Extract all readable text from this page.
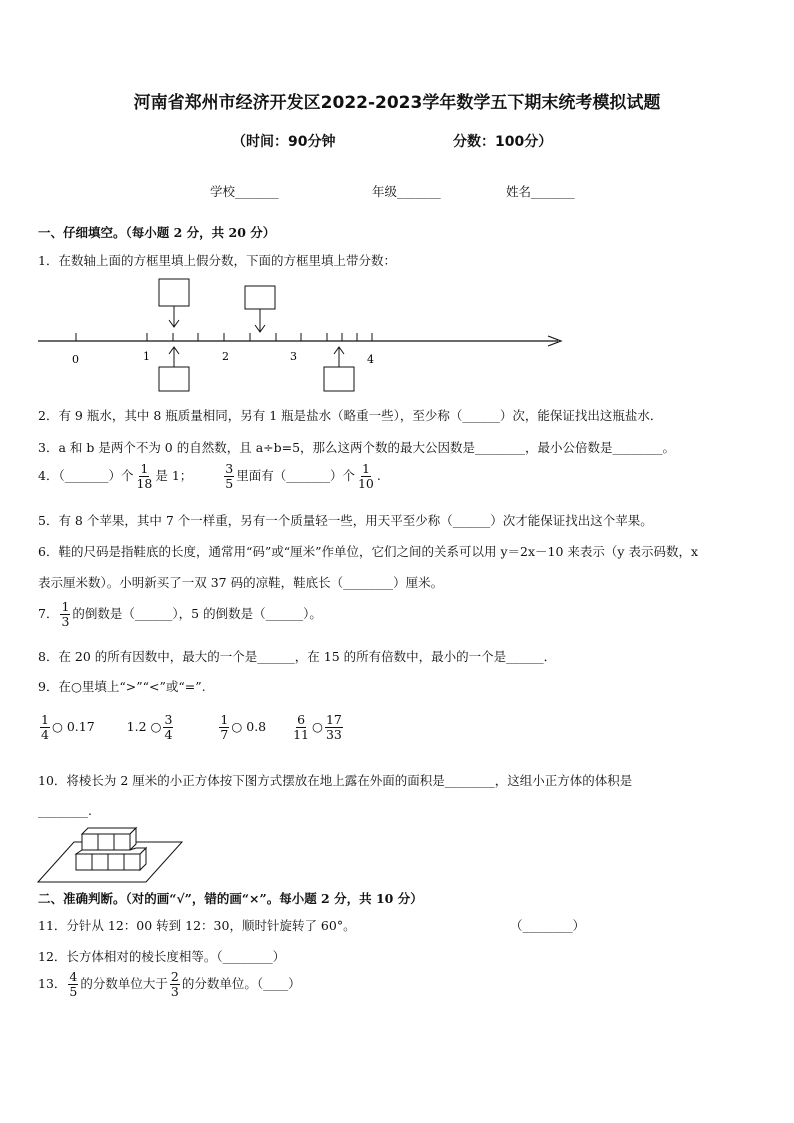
河南省郑州市经济开发区2022-2023学年数学五下期末统考模拟试题
（时间：90分钟	分数：100分）
学校_______	年级_______	姓名_______
一、仔细填空。（每小题 2 分，共 20 分）
1．在数轴上面的方框里填上假分数，下面的方框里填上带分数：
0	1	2	3	4
2．有 9 瓶水，其中 8 瓶质量相同，另有 1 瓶是盐水（略重一些），至少称（______）次，能保证找出这瓶盐水．
3．a 和 b 是两个不为 0 的自然数，且 a÷b=5，那么这两个数的最大公因数是________，最小公倍数是________。
4．（_______）个 $\frac{1}{18}$ 是 1；	$\frac{3}{5}$ 里面有（_______）个 $\frac{1}{10}$ .
5．有 8 个苹果，其中 7 个一样重，另有一个质量轻一些，用天平至少称（______）次才能保证找出这个苹果。
6．鞋的尺码是指鞋底的长度，通常用“码”或“厘米”作单位，它们之间的关系可以用 y＝2x－10 来表示（y 表示码数，x
表示厘米数）。小明新买了一双 37 码的凉鞋，鞋底长（________）厘米。
7． $\frac{1}{3}$ 的倒数是（______），5 的倒数是（______）。
8．在 20 的所有因数中，最大的一个是______，在 15 的所有倍数中，最小的一个是______．
9．在○里填上“>”“<”或“=”.
$\frac{1}{4}$ ○ 0.17	1.2 ○ $\frac{3}{4}$
	$\frac{1}{7}$ ○ $0.8 \frac{6}{11}$ ○ $\frac{17}{33}$
10．将棱长为 2 厘米的小正方体按下图方式摆放在地上露在外面的面积是________，这组小正方体的体积是
________.
二、准确判断。（对的画“√”，错的画“×”。每小题 2 分，共 10 分）
11．分针从 12：00 转到 12：30，顺时针旋转了 60°。	（________）
12．长方体相对的棱长度相等。（________）
13． $\frac{4}{5}$ 的分数单位大于 $\frac{2}{3}$ 的分数单位。（____）
